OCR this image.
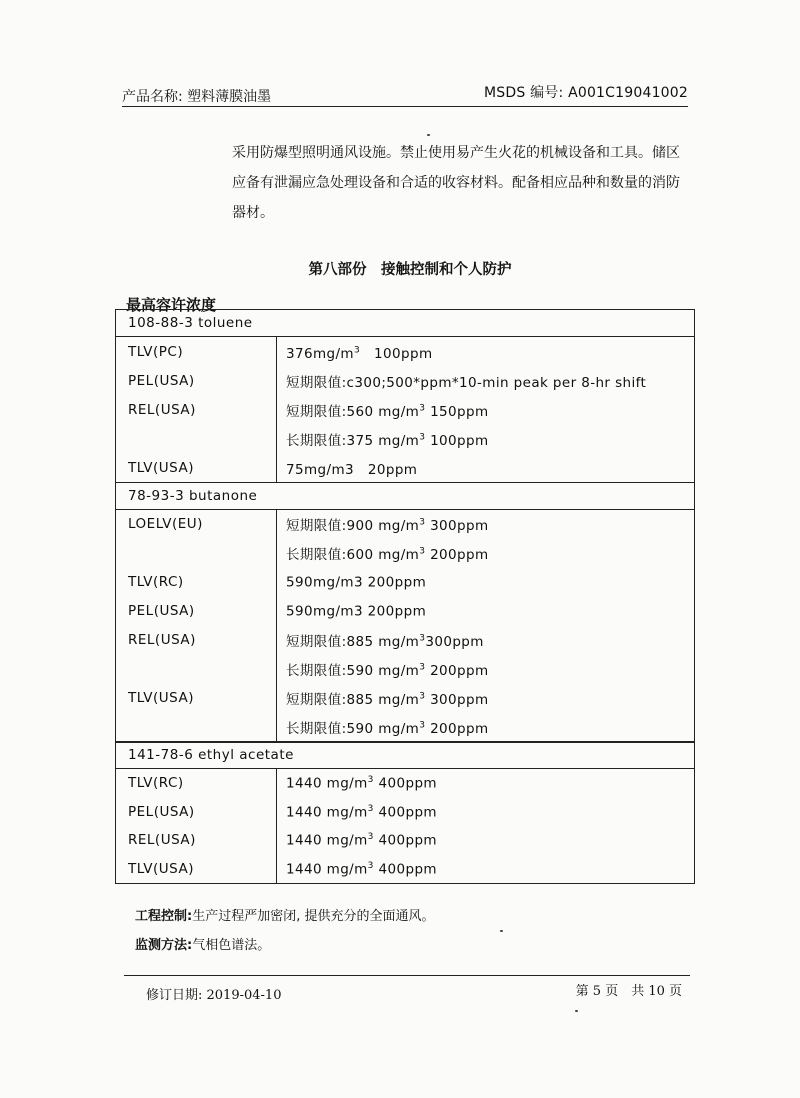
产品名称: 塑料薄膜油墨	MSDS 编号: A001C19041002

采用防爆型照明通风设施。禁止使用易产生火花的机械设备和工具。储区

应备有泄漏应急处理设备和合适的收容材料。配备相应品种和数量的消防

器材。

第八部份　接触控制和个人防护
最高容许浓度
108-88-3 toluene
TLV(PC)	$376mg/m^3$　100ppm
PEL(USA)	短期限值:c300;500*ppm*10-min peak per 8-hr shift
REL(USA)	短期限值:560 $mg/m^3$ 150ppm
长期限值:375 $mg/m^3$ 100ppm
TLV(USA)	75mg/m3　20ppm
78-93-3 butanone
LOELV(EU)	短期限值:900 $mg/m^3$ 300ppm
长期限值:600 $mg/m^3$ 200ppm
TLV(RC)	590mg/m3 200ppm
PEL(USA)	590mg/m3 200ppm
REL(USA)	短期限值:885 $mg/m^3300ppm$
长期限值:590 $mg/m^3$ 200ppm
TLV(USA)	短期限值:885 $mg/m^3$ 300ppm
长期限值:590 $mg/m^3$ 200ppm
141-78-6 ethyl acetate
TLV(RC)	1440 $mg/m^3$ 400ppm
PEL(USA)	1440 $mg/m^3$ 400ppm
REL(USA)	1440 $mg/m^3$ 400ppm
TLV(USA)	1440 $mg/m^3$ 400ppm
工程控制:生产过程严加密闭, 提供充分的全面通风。
监测方法:气相色谱法。
修订日期: 2019-04-10	第 5 页　共 10 页
